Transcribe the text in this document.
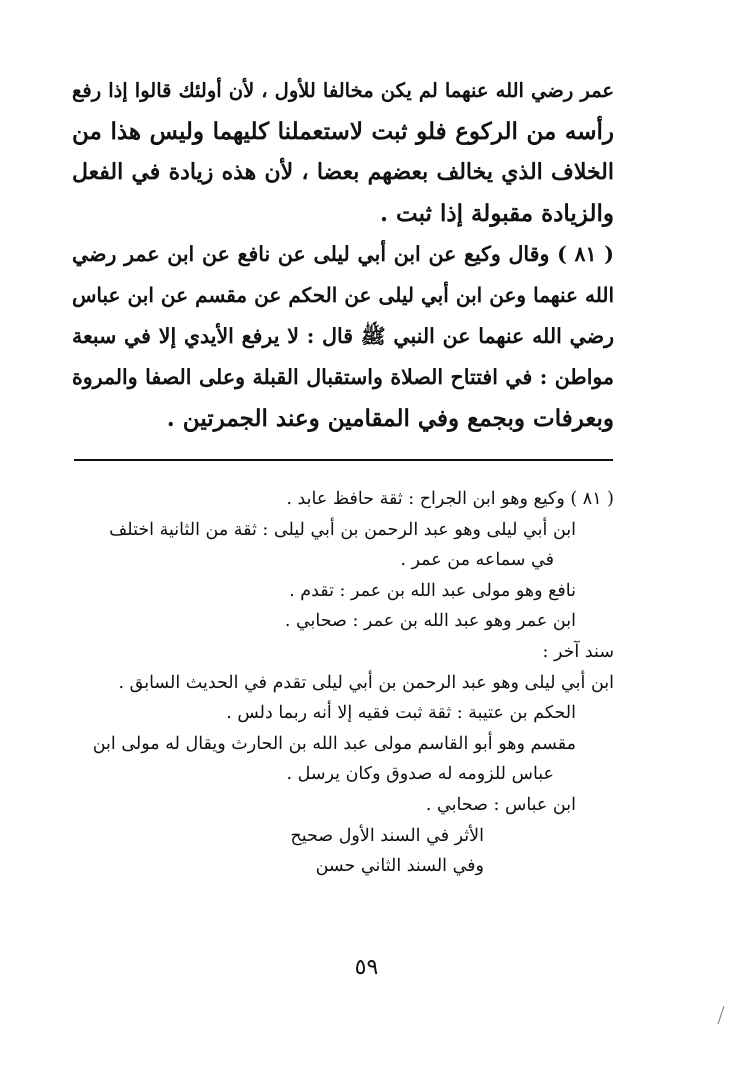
عمر رضي الله عنهما لم يكن مخالفا للأول ، لأن أولئك قالوا إذا رفع
رأسه من الركوع فلو ثبت لاستعملنا كليهما وليس هذا من
الخلاف الذي يخالف بعضهم بعضا ، لأن هذه زيادة في الفعل
والزيادة مقبولة إذا ثبت .
( ٨١ ) وقال وكيع عن ابن أبي ليلى عن نافع عن ابن عمر رضي
الله عنهما وعن ابن أبي ليلى عن الحكم عن مقسم عن ابن عباس
رضي الله عنهما عن النبي ﷺ قال : لا يرفع الأيدي إلا في سبعة
مواطن : في افتتاح الصلاة واستقبال القبلة وعلى الصفا والمروة
وبعرفات وبجمع وفي المقامين وعند الجمرتين .
( ٨١ ) وكيع وهو ابن الجراح : ثقة حافظ عابد .
ابن أبي ليلى وهو عبد الرحمن بن أبي ليلى : ثقة من الثانية اختلف
في سماعه من عمر .
نافع وهو مولى عبد الله بن عمر : تقدم .
ابن عمر وهو عبد الله بن عمر : صحابي .
سند آخر :
ابن أبي ليلى وهو عبد الرحمن بن أبي ليلى تقدم في الحديث السابق .
الحكم بن عتيبة : ثقة ثبت فقيه إلا أنه ربما دلس .
مقسم وهو أبو القاسم مولى عبد الله بن الحارث ويقال له مولى ابن
عباس للزومه له صدوق وكان يرسل .
ابن عباس : صحابي .
الأثر في السند الأول صحيح
وفي السند الثاني حسن
٥٩
